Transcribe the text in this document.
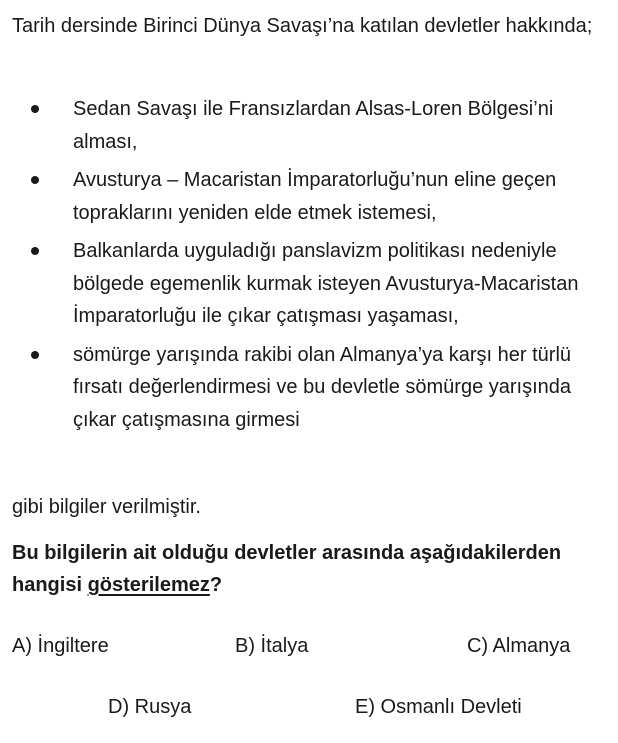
Tarih dersinde Birinci Dünya Savaşı’na katılan devletler hakkında;

Sedan Savaşı ile Fransızlardan Alsas-Loren Bölgesi’ni alması,
Avusturya – Macaristan İmparatorluğu’nun eline geçen topraklarını yeniden elde etmek istemesi,
Balkanlarda uyguladığı panslavizm politikası nedeniyle bölgede egemenlik kurmak isteyen Avusturya-Macaristan İmparatorluğu ile çıkar çatışması yaşaması,
sömürge yarışında rakibi olan Almanya’ya karşı her türlü fırsatı değerlendirmesi ve bu devletle sömürge yarışında çıkar çatışmasına girmesi

gibi bilgiler verilmiştir.

Bu bilgilerin ait olduğu devletler arasında aşağıdakilerden hangisi gösterilemez?

A) İngiltere	B) İtalya	C) Almanya
D) Rusya	E) Osmanlı Devleti
